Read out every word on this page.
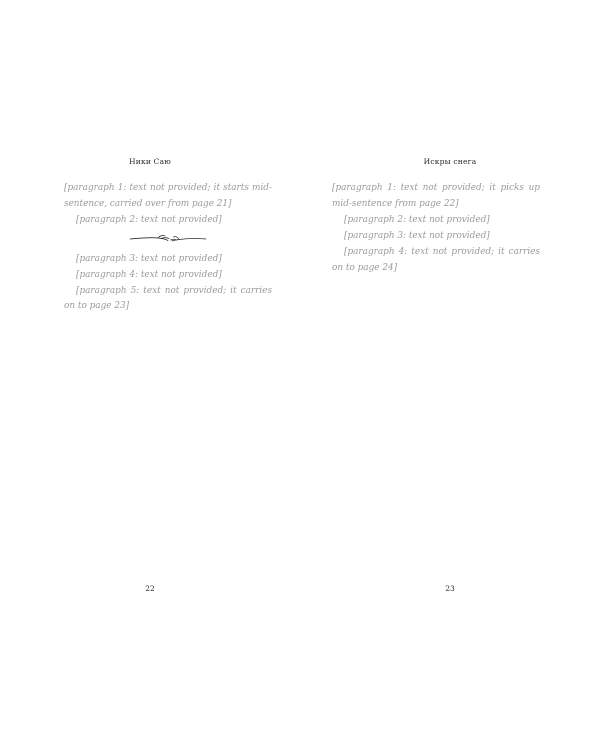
Ники Саю

[paragraph 1: text not provided; it starts mid-sentence, carried over from page 21]

[paragraph 2: text not provided]

[paragraph 3: text not provided]

[paragraph 4: text not provided]

[paragraph 5: text not provided; it carries on to page 23]

22
Искры снега

[paragraph 1: text not provided; it picks up mid-sentence from page 22]

[paragraph 2: text not provided]

[paragraph 3: text not provided]

[paragraph 4: text not provided; it carries on to page 24]

23
